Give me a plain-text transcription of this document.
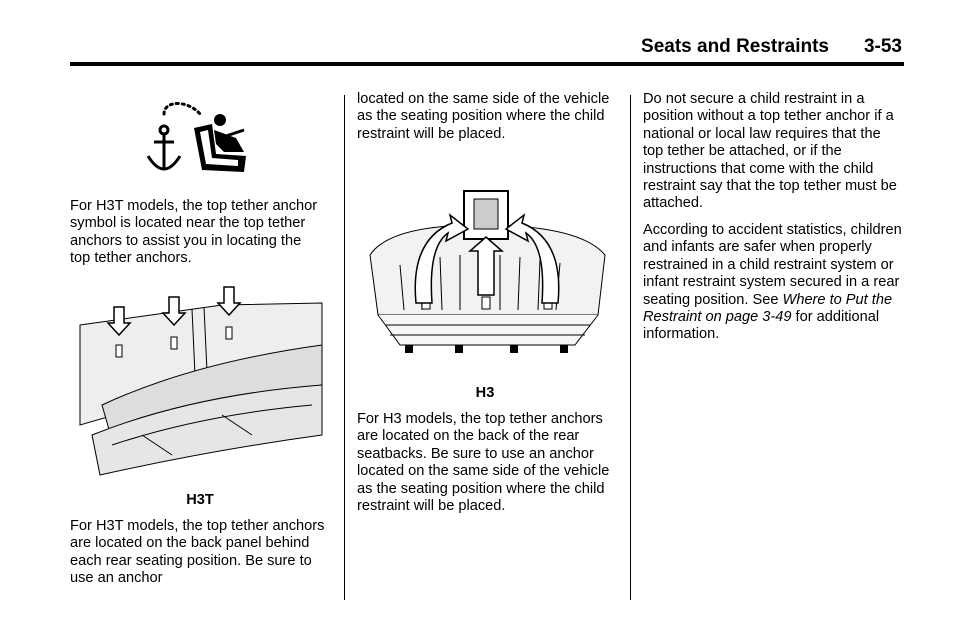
Seats and Restraints 3-53

For H3T models, the top tether anchor symbol is located near the top tether anchors to assist you in locating the top tether anchors.

H3T

For H3T models, the top tether anchors are located on the back panel behind each rear seating position. Be sure to use an anchor

located on the same side of the vehicle as the seating position where the child restraint will be placed.

H3

For H3 models, the top tether anchors are located on the back of the rear seatbacks. Be sure to use an anchor located on the same side of the vehicle as the seating position where the child restraint will be placed.

Do not secure a child restraint in a position without a top tether anchor if a national or local law requires that the top tether be attached, or if the instructions that come with the child restraint say that the top tether must be attached.

According to accident statistics, children and infants are safer when properly restrained in a child restraint system or infant restraint system secured in a rear seating position. See Where to Put the Restraint on page 3-49 for additional information.
